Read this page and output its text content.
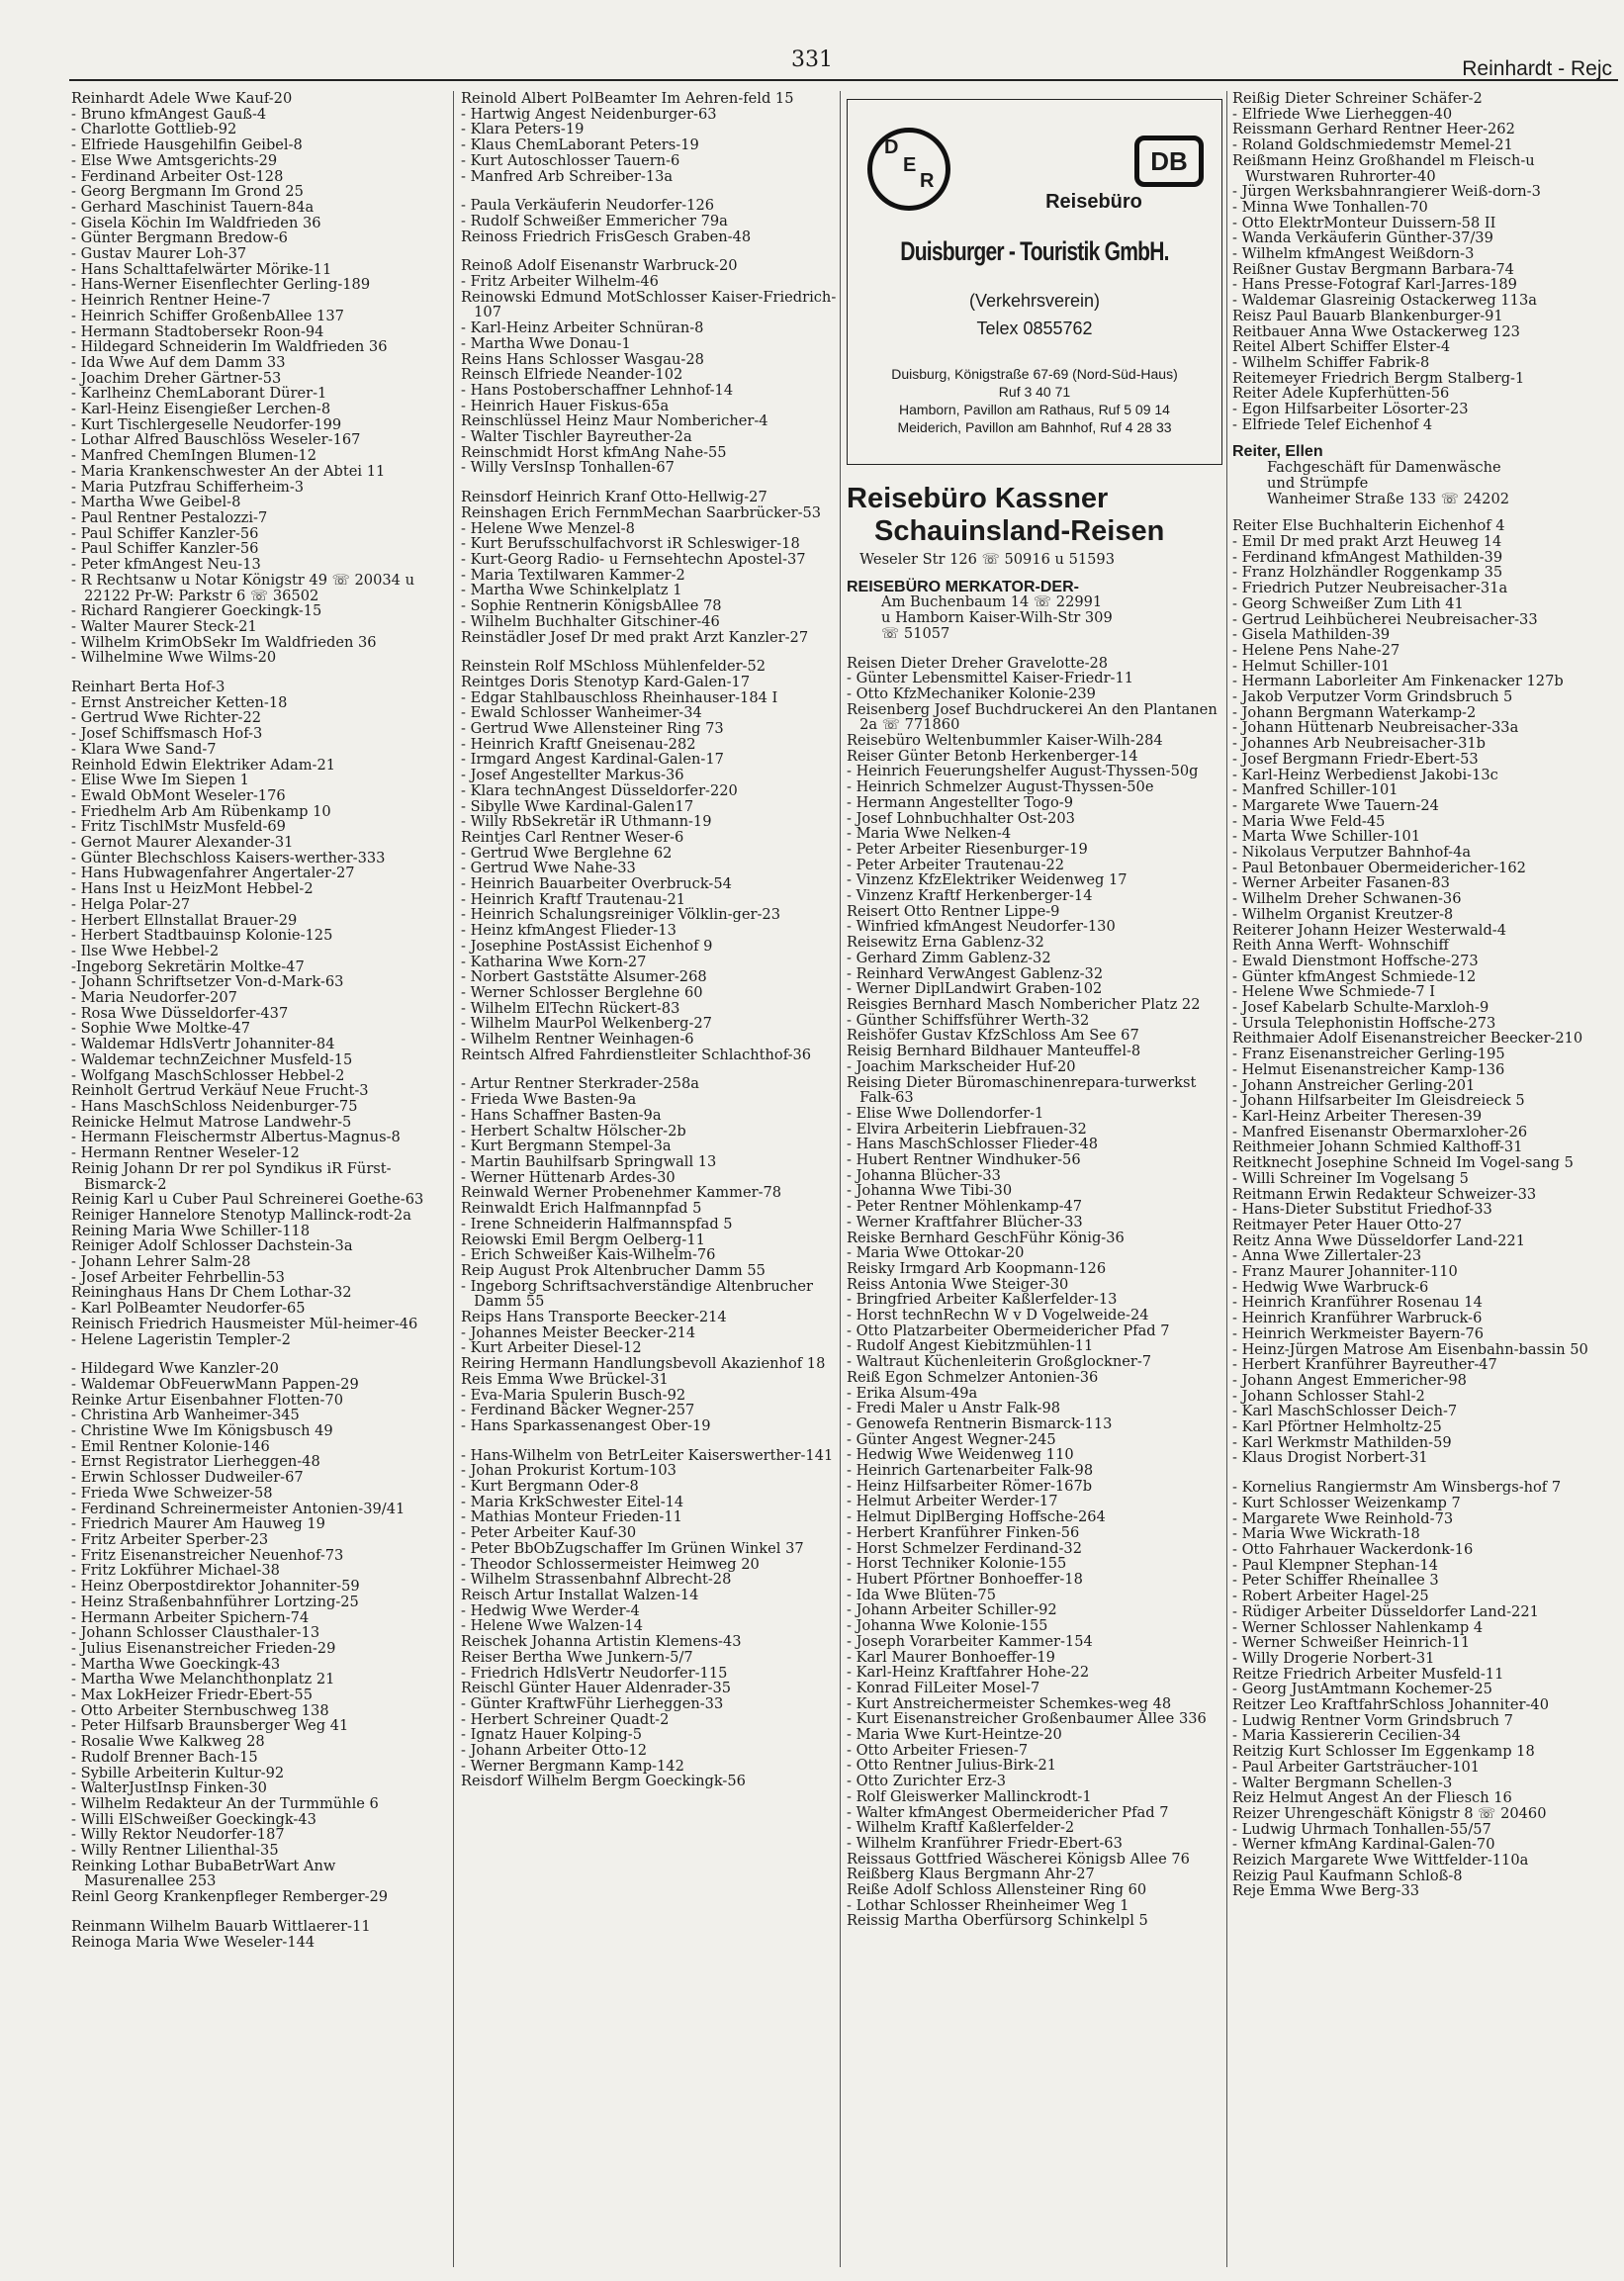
331	Reinhardt - Rejc
Reinhardt Adele Wwe Kauf-20
- Bruno kfmAngest Gauß-4
- Charlotte Gottlieb-92
- Elfriede Hausgehilfin Geibel-8
- Else Wwe Amtsgerichts-29
- Ferdinand Arbeiter Ost-128
- Georg Bergmann Im Grond 25
- Gerhard Maschinist Tauern-84a
- Gisela Köchin Im Waldfrieden 36
- Günter Bergmann Bredow-6
- Gustav Maurer Loh-37
- Hans Schalttafelwärter Mörike-11
- Hans-Werner Eisenflechter Gerling-189
- Heinrich Rentner Heine-7
- Heinrich Schiffer GroßenbAllee 137
- Hermann Stadtobersekr Roon-94
- Hildegard Schneiderin Im Waldfrieden 36
- Ida Wwe Auf dem Damm 33
- Joachim Dreher Gärtner-53
- Karlheinz ChemLaborant Dürer-1
- Karl-Heinz Eisengießer Lerchen-8
- Kurt Tischlergeselle Neudorfer-199
- Lothar Alfred Bauschlöss Weseler-167
- Manfred ChemIngen Blumen-12
- Maria Krankenschwester An der Abtei 11
- Maria Putzfrau Schifferheim-3
- Martha Wwe Geibel-8
- Paul Rentner Pestalozzi-7
- Paul Schiffer Kanzler-56
- Paul Schiffer Kanzler-56
- Peter kfmAngest Neu-13
- R Rechtsanw u Notar Königstr 49 ☏ 20034 u 22122 Pr-W: Parkstr 6 ☏ 36502
- Richard Rangierer Goeckingk-15
- Walter Maurer Steck-21
- Wilhelm KrimObSekr Im Waldfrieden 36
- Wilhelmine Wwe Wilms-20
Reinhart Berta Hof-3
- Ernst Anstreicher Ketten-18
- Gertrud Wwe Richter-22
- Josef Schiffsmasch Hof-3
- Klara Wwe Sand-7
Reinhold Edwin Elektriker Adam-21
- Elise Wwe Im Siepen 1
- Ewald ObMont Weseler-176
- Friedhelm Arb Am Rübenkamp 10
- Fritz TischlMstr Musfeld-69
- Gernot Maurer Alexander-31
- Günter Blechschloss Kaisers-werther-333
- Hans Hubwagenfahrer Angertaler-27
- Hans Inst u HeizMont Hebbel-2
- Helga Polar-27
- Herbert Ellnstallat Brauer-29
- Herbert Stadtbauinsp Kolonie-125
- Ilse Wwe Hebbel-2
-Ingeborg Sekretärin Moltke-47
- Johann Schriftsetzer Von-d-Mark-63
- Maria Neudorfer-207
- Rosa Wwe Düsseldorfer-437
- Sophie Wwe Moltke-47
- Waldemar HdlsVertr Johanniter-84
- Waldemar technZeichner Musfeld-15
- Wolfgang MaschSchlosser Hebbel-2
Reinholt Gertrud Verkäuf Neue Frucht-3
- Hans MaschSchloss Neidenburger-75
Reinicke Helmut Matrose Landwehr-5
- Hermann Fleischermstr Albertus-Magnus-8
- Hermann Rentner Weseler-12
Reinig Johann Dr rer pol Syndikus iR Fürst-Bismarck-2
Reinig Karl u Cuber Paul Schreinerei Goethe-63
Reiniger Hannelore Stenotyp Mallinck-rodt-2a
Reining Maria Wwe Schiller-118
Reiniger Adolf Schlosser Dachstein-3a
- Johann Lehrer Salm-28
- Josef Arbeiter Fehrbellin-53
Reininghaus Hans Dr Chem Lothar-32
- Karl PolBeamter Neudorfer-65
Reinisch Friedrich Hausmeister Mül-heimer-46
- Helene Lageristin Templer-2
- Hildegard Wwe Kanzler-20
- Waldemar ObFeuerwMann Pappen-29
Reinke Artur Eisenbahner Flotten-70
- Christina Arb Wanheimer-345
- Christine Wwe Im Königsbusch 49
- Emil Rentner Kolonie-146
- Ernst Registrator Lierheggen-48
- Erwin Schlosser Dudweiler-67
- Frieda Wwe Schweizer-58
- Ferdinand Schreinermeister Antonien-39/41
- Friedrich Maurer Am Hauweg 19
- Fritz Arbeiter Sperber-23
- Fritz Eisenanstreicher Neuenhof-73
- Fritz Lokführer Michael-38
- Heinz Oberpostdirektor Johanniter-59
- Heinz Straßenbahnführer Lortzing-25
- Hermann Arbeiter Spichern-74
- Johann Schlosser Clausthaler-13
- Julius Eisenanstreicher Frieden-29
- Martha Wwe Goeckingk-43
- Martha Wwe Melanchthonplatz 21
- Max LokHeizer Friedr-Ebert-55
- Otto Arbeiter Sternbuschweg 138
- Peter Hilfsarb Braunsberger Weg 41
- Rosalie Wwe Kalkweg 28
- Rudolf Brenner Bach-15
- Sybille Arbeiterin Kultur-92
- WalterJustInsp Finken-30
- Wilhelm Redakteur An der Turmmühle 6
- Willi ElSchweißer Goeckingk-43
- Willy Rektor Neudorfer-187
- Willy Rentner Lilienthal-35
Reinking Lothar BubaBetrWart Anw Masurenallee 253
Reinl Georg Krankenpfleger Remberger-29
Reinmann Wilhelm Bauarb Wittlaerer-11
Reinoga Maria Wwe Weseler-144
Reinold Albert PolBeamter Im Aehren-feld 15
- Hartwig Angest Neidenburger-63
- Klara Peters-19
- Klaus ChemLaborant Peters-19
- Kurt Autoschlosser Tauern-6
- Manfred Arb Schreiber-13a
- Paula Verkäuferin Neudorfer-126
- Rudolf Schweißer Emmericher 79a
Reinoss Friedrich FrisGesch Graben-48
Reinoß Adolf Eisenanstr Warbruck-20
- Fritz Arbeiter Wilhelm-46
Reinowski Edmund MotSchlosser Kaiser-Friedrich-107
- Karl-Heinz Arbeiter Schnüran-8
- Martha Wwe Donau-1
Reins Hans Schlosser Wasgau-28
Reinsch Elfriede Neander-102
- Hans Postoberschaffner Lehnhof-14
- Heinrich Hauer Fiskus-65a
Reinschlüssel Heinz Maur Nombericher-4
- Walter Tischler Bayreuther-2a
Reinschmidt Horst kfmAng Nahe-55
- Willy VersInsp Tonhallen-67
Reinsdorf Heinrich Kranf Otto-Hellwig-27
Reinshagen Erich FernmMechan Saarbrücker-53
- Helene Wwe Menzel-8
- Kurt Berufsschulfachvorst iR Schleswiger-18
- Kurt-Georg Radio- u Fernsehtechn Apostel-37
- Maria Textilwaren Kammer-2
- Martha Wwe Schinkelplatz 1
- Sophie Rentnerin KönigsbAllee 78
- Wilhelm Buchhalter Gitschiner-46
Reinstädler Josef Dr med prakt Arzt Kanzler-27
Reinstein Rolf MSchloss Mühlenfelder-52
Reintges Doris Stenotyp Kard-Galen-17
- Edgar Stahlbauschloss Rheinhauser-184 I
- Ewald Schlosser Wanheimer-34
- Gertrud Wwe Allensteiner Ring 73
- Heinrich Kraftf Gneisenau-282
- Irmgard Angest Kardinal-Galen-17
- Josef Angestellter Markus-36
- Klara technAngest Düsseldorfer-220
- Sibylle Wwe Kardinal-Galen17
- Willy RbSekretär iR Uthmann-19
Reintjes Carl Rentner Weser-6
- Gertrud Wwe Berglehne 62
- Gertrud Wwe Nahe-33
- Heinrich Bauarbeiter Overbruck-54
- Heinrich Kraftf Trautenau-21
- Heinrich Schalungsreiniger Völklin-ger-23
- Heinz kfmAngest Flieder-13
- Josephine PostAssist Eichenhof 9
- Katharina Wwe Korn-27
- Norbert Gaststätte Alsumer-268
- Werner Schlosser Berglehne 60
- Wilhelm ElTechn Rückert-83
- Wilhelm MaurPol Welkenberg-27
- Wilhelm Rentner Weinhagen-6
Reintsch Alfred Fahrdienstleiter Schlachthof-36
- Artur Rentner Sterkrader-258a
- Frieda Wwe Basten-9a
- Hans Schaffner Basten-9a
- Herbert Schaltw Hölscher-2b
- Kurt Bergmann Stempel-3a
- Martin Bauhilfsarb Springwall 13
- Werner Hüttenarb Ardes-30
Reinwald Werner Probenehmer Kammer-78
Reinwaldt Erich Halfmannpfad 5
- Irene Schneiderin Halfmannspfad 5
Reiowski Emil Bergm Oelberg-11
- Erich Schweißer Kais-Wilhelm-76
Reip August Prok Altenbrucher Damm 55
- Ingeborg Schriftsachverständige Altenbrucher Damm 55
Reips Hans Transporte Beecker-214
- Johannes Meister Beecker-214
- Kurt Arbeiter Diesel-12
Reiring Hermann Handlungsbevoll Akazienhof 18
Reis Emma Wwe Brückel-31
- Eva-Maria Spulerin Busch-92
- Ferdinand Bäcker Wegner-257
- Hans Sparkassenangest Ober-19
- Hans-Wilhelm von BetrLeiter Kaiserswerther-141
- Johan Prokurist Kortum-103
- Kurt Bergmann Oder-8
- Maria KrkSchwester Eitel-14
- Mathias Monteur Frieden-11
- Peter Arbeiter Kauf-30
- Peter BbObZugschaffer Im Grünen Winkel 37
- Theodor Schlossermeister Heimweg 20
- Wilhelm Strassenbahnf Albrecht-28
Reisch Artur Installat Walzen-14
- Hedwig Wwe Werder-4
- Helene Wwe Walzen-14
Reischek Johanna Artistin Klemens-43
Reiser Bertha Wwe Junkern-5/7
- Friedrich HdlsVertr Neudorfer-115
Reischl Günter Hauer Aldenrader-35
- Günter KraftwFühr Lierheggen-33
- Herbert Schreiner Quadt-2
- Ignatz Hauer Kolping-5
- Johann Arbeiter Otto-12
- Werner Bergmann Kamp-142
Reisdorf Wilhelm Bergm Goeckingk-56
D
E
R
DB
Reisebüro
Duisburger - Touristik GmbH.
(Verkehrsverein)
Telex 0855762
Duisburg, Königstraße 67-69 (Nord-Süd-Haus)
Ruf 3 40 71
Hamborn, Pavillon am Rathaus, Ruf 5 09 14
Meiderich, Pavillon am Bahnhof, Ruf 4 28 33
Reisebüro Kassner
Schauinsland-Reisen
Weseler Str 126 ☏ 50916 u 51593
REISEBÜRO MERKATOR-DER-
Am Buchenbaum 14 ☏ 22991
u Hamborn Kaiser-Wilh-Str 309
☏ 51057
Reisen Dieter Dreher Gravelotte-28
- Günter Lebensmittel Kaiser-Friedr-11
- Otto KfzMechaniker Kolonie-239
Reisenberg Josef Buchdruckerei An den Plantanen 2a ☏ 771860
Reisebüro Weltenbummler Kaiser-Wilh-284
Reiser Günter Betonb Herkenberger-14
- Heinrich Feuerungshelfer August-Thyssen-50g
- Heinrich Schmelzer August-Thyssen-50e
- Hermann Angestellter Togo-9
- Josef Lohnbuchhalter Ost-203
- Maria Wwe Nelken-4
- Peter Arbeiter Riesenburger-19
- Peter Arbeiter Trautenau-22
- Vinzenz KfzElektriker Weidenweg 17
- Vinzenz Kraftf Herkenberger-14
Reisert Otto Rentner Lippe-9
- Winfried kfmAngest Neudorfer-130
Reisewitz Erna Gablenz-32
- Gerhard Zimm Gablenz-32
- Reinhard VerwAngest Gablenz-32
- Werner DiplLandwirt Graben-102
Reisgies Bernhard Masch Nombericher Platz 22
- Günther Schiffsführer Werth-32
Reishöfer Gustav KfzSchloss Am See 67
Reisig Bernhard Bildhauer Manteuffel-8
- Joachim Markscheider Huf-20
Reising Dieter Büromaschinenrepara-turwerkst Falk-63
- Elise Wwe Dollendorfer-1
- Elvira Arbeiterin Liebfrauen-32
- Hans MaschSchlosser Flieder-48
- Hubert Rentner Windhuker-56
- Johanna Blücher-33
- Johanna Wwe Tibi-30
- Peter Rentner Möhlenkamp-47
- Werner Kraftfahrer Blücher-33
Reiske Bernhard GeschFühr König-36
- Maria Wwe Ottokar-20
Reisky Irmgard Arb Koopmann-126
Reiss Antonia Wwe Steiger-30
- Bringfried Arbeiter Kaßlerfelder-13
- Horst technRechn W v D Vogelweide-24
- Otto Platzarbeiter Obermeidericher Pfad 7
- Rudolf Angest Kiebitzmühlen-11
- Waltraut Küchenleiterin Großglockner-7
Reiß Egon Schmelzer Antonien-36
- Erika Alsum-49a
- Fredi Maler u Anstr Falk-98
- Genowefa Rentnerin Bismarck-113
- Günter Angest Wegner-245
- Hedwig Wwe Weidenweg 110
- Heinrich Gartenarbeiter Falk-98
- Heinz Hilfsarbeiter Römer-167b
- Helmut Arbeiter Werder-17
- Helmut DiplBerging Hoffsche-264
- Herbert Kranführer Finken-56
- Horst Schmelzer Ferdinand-32
- Horst Techniker Kolonie-155
- Hubert Pförtner Bonhoeffer-18
- Ida Wwe Blüten-75
- Johann Arbeiter Schiller-92
- Johanna Wwe Kolonie-155
- Joseph Vorarbeiter Kammer-154
- Karl Maurer Bonhoeffer-19
- Karl-Heinz Kraftfahrer Hohe-22
- Konrad FilLeiter Mosel-7
- Kurt Anstreichermeister Schemkes-weg 48
- Kurt Eisenanstreicher Großenbaumer Allee 336
- Maria Wwe Kurt-Heintze-20
- Otto Arbeiter Friesen-7
- Otto Rentner Julius-Birk-21
- Otto Zurichter Erz-3
- Rolf Gleiswerker Mallinckrodt-1
- Walter kfmAngest Obermeidericher Pfad 7
- Wilhelm Kraftf Kaßlerfelder-2
- Wilhelm Kranführer Friedr-Ebert-63
Reissaus Gottfried Wäscherei Königsb Allee 76
Reißberg Klaus Bergmann Ahr-27
Reiße Adolf Schloss Allensteiner Ring 60
- Lothar Schlosser Rheinheimer Weg 1
Reissig Martha Oberfürsorg Schinkelpl 5
Reißig Dieter Schreiner Schäfer-2
- Elfriede Wwe Lierheggen-40
Reissmann Gerhard Rentner Heer-262
- Roland Goldschmiedemstr Memel-21
Reißmann Heinz Großhandel m Fleisch-u Wurstwaren Ruhrorter-40
- Jürgen Werksbahnrangierer Weiß-dorn-3
- Minna Wwe Tonhallen-70
- Otto ElektrMonteur Duissern-58 II
- Wanda Verkäuferin Günther-37/39
- Wilhelm kfmAngest Weißdorn-3
Reißner Gustav Bergmann Barbara-74
- Hans Presse-Fotograf Karl-Jarres-189
- Waldemar Glasreinig Ostackerweg 113a
Reisz Paul Bauarb Blankenburger-91
Reitbauer Anna Wwe Ostackerweg 123
Reitel Albert Schiffer Elster-4
- Wilhelm Schiffer Fabrik-8
Reitemeyer Friedrich Bergm Stalberg-1
Reiter Adele Kupferhütten-56
- Egon Hilfsarbeiter Lösorter-23
- Elfriede Telef Eichenhof 4
Reiter, Ellen
Fachgeschäft für Damenwäsche
und Strümpfe
Wanheimer Straße 133 ☏ 24202
Reiter Else Buchhalterin Eichenhof 4
- Emil Dr med prakt Arzt Heuweg 14
- Ferdinand kfmAngest Mathilden-39
- Franz Holzhändler Roggenkamp 35
- Friedrich Putzer Neubreisacher-31a
- Georg Schweißer Zum Lith 41
- Gertrud Leihbücherei Neubreisacher-33
- Gisela Mathilden-39
- Helene Pens Nahe-27
- Helmut Schiller-101
- Hermann Laborleiter Am Finkenacker 127b
- Jakob Verputzer Vorm Grindsbruch 5
- Johann Bergmann Waterkamp-2
- Johann Hüttenarb Neubreisacher-33a
- Johannes Arb Neubreisacher-31b
- Josef Bergmann Friedr-Ebert-53
- Karl-Heinz Werbedienst Jakobi-13c
- Manfred Schiller-101
- Margarete Wwe Tauern-24
- Maria Wwe Feld-45
- Marta Wwe Schiller-101
- Nikolaus Verputzer Bahnhof-4a
- Paul Betonbauer Obermeidericher-162
- Werner Arbeiter Fasanen-83
- Wilhelm Dreher Schwanen-36
- Wilhelm Organist Kreutzer-8
Reiterer Johann Heizer Westerwald-4
Reith Anna Werft- Wohnschiff
- Ewald Dienstmont Hoffsche-273
- Günter kfmAngest Schmiede-12
- Helene Wwe Schmiede-7 I
- Josef Kabelarb Schulte-Marxloh-9
- Ursula Telephonistin Hoffsche-273
Reithmaier Adolf Eisenanstreicher Beecker-210
- Franz Eisenanstreicher Gerling-195
- Helmut Eisenanstreicher Kamp-136
- Johann Anstreicher Gerling-201
- Johann Hilfsarbeiter Im Gleisdreieck 5
- Karl-Heinz Arbeiter Theresen-39
- Manfred Eisenanstr Obermarxloher-26
Reithmeier Johann Schmied Kalthoff-31
Reitknecht Josephine Schneid Im Vogel-sang 5
- Willi Schreiner Im Vogelsang 5
Reitmann Erwin Redakteur Schweizer-33
- Hans-Dieter Substitut Friedhof-33
Reitmayer Peter Hauer Otto-27
Reitz Anna Wwe Düsseldorfer Land-221
- Anna Wwe Zillertaler-23
- Franz Maurer Johanniter-110
- Hedwig Wwe Warbruck-6
- Heinrich Kranführer Rosenau 14
- Heinrich Kranführer Warbruck-6
- Heinrich Werkmeister Bayern-76
- Heinz-Jürgen Matrose Am Eisenbahn-bassin 50
- Herbert Kranführer Bayreuther-47
- Johann Angest Emmericher-98
- Johann Schlosser Stahl-2
- Karl MaschSchlosser Deich-7
- Karl Pförtner Helmholtz-25
- Karl Werkmstr Mathilden-59
- Klaus Drogist Norbert-31
- Kornelius Rangiermstr Am Winsbergs-hof 7
- Kurt Schlosser Weizenkamp 7
- Margarete Wwe Reinhold-73
- Maria Wwe Wickrath-18
- Otto Fahrhauer Wackerdonk-16
- Paul Klempner Stephan-14
- Peter Schiffer Rheinallee 3
- Robert Arbeiter Hagel-25
- Rüdiger Arbeiter Düsseldorfer Land-221
- Werner Schlosser Nahlenkamp 4
- Werner Schweißer Heinrich-11
- Willy Drogerie Norbert-31
Reitze Friedrich Arbeiter Musfeld-11
- Georg JustAmtmann Kochemer-25
Reitzer Leo KraftfahrSchloss Johanniter-40
- Ludwig Rentner Vorm Grindsbruch 7
- Maria Kassiererin Cecilien-34
Reitzig Kurt Schlosser Im Eggenkamp 18
- Paul Arbeiter Gartsträucher-101
- Walter Bergmann Schellen-3
Reiz Helmut Angest An der Fliesch 16
Reizer Uhrengeschäft Königstr 8 ☏ 20460
- Ludwig Uhrmach Tonhallen-55/57
- Werner kfmAng Kardinal-Galen-70
Reizich Margarete Wwe Wittfelder-110a
Reizig Paul Kaufmann Schloß-8
Reje Emma Wwe Berg-33
